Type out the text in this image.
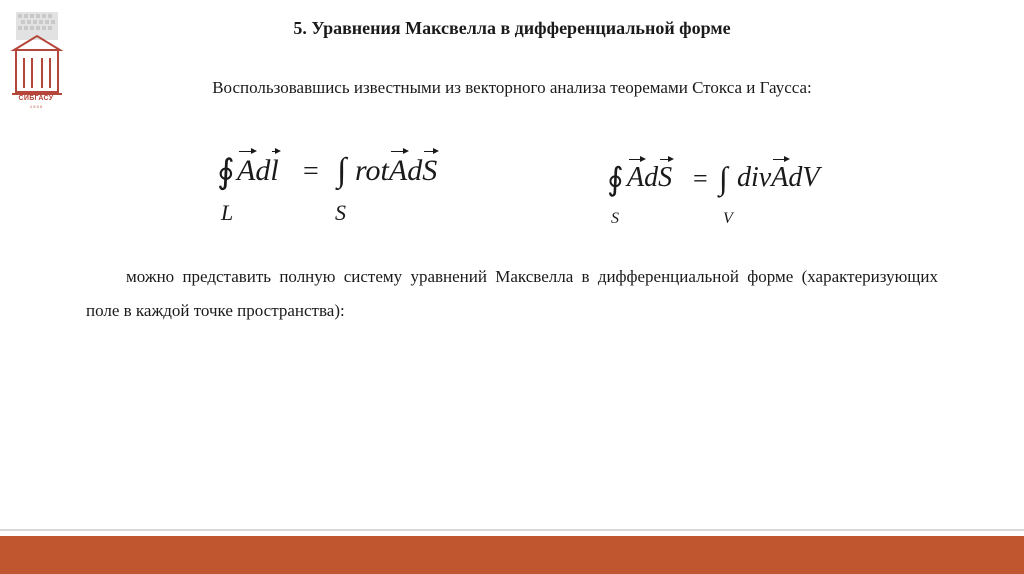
СИБГАСУ
1 9 3 0
5. Уравнения Максвелла в дифференциальной форме
Воспользовавшись известными из векторного анализа теоремами Стокса и Гаусса:
∮ Adl = ∫ rotAdS
L	S
∮ AdS = ∫ divAdV
S	V
можно представить полную систему уравнений Максвелла в дифференциальной форме (характеризующих поле в каждой точке пространства):
